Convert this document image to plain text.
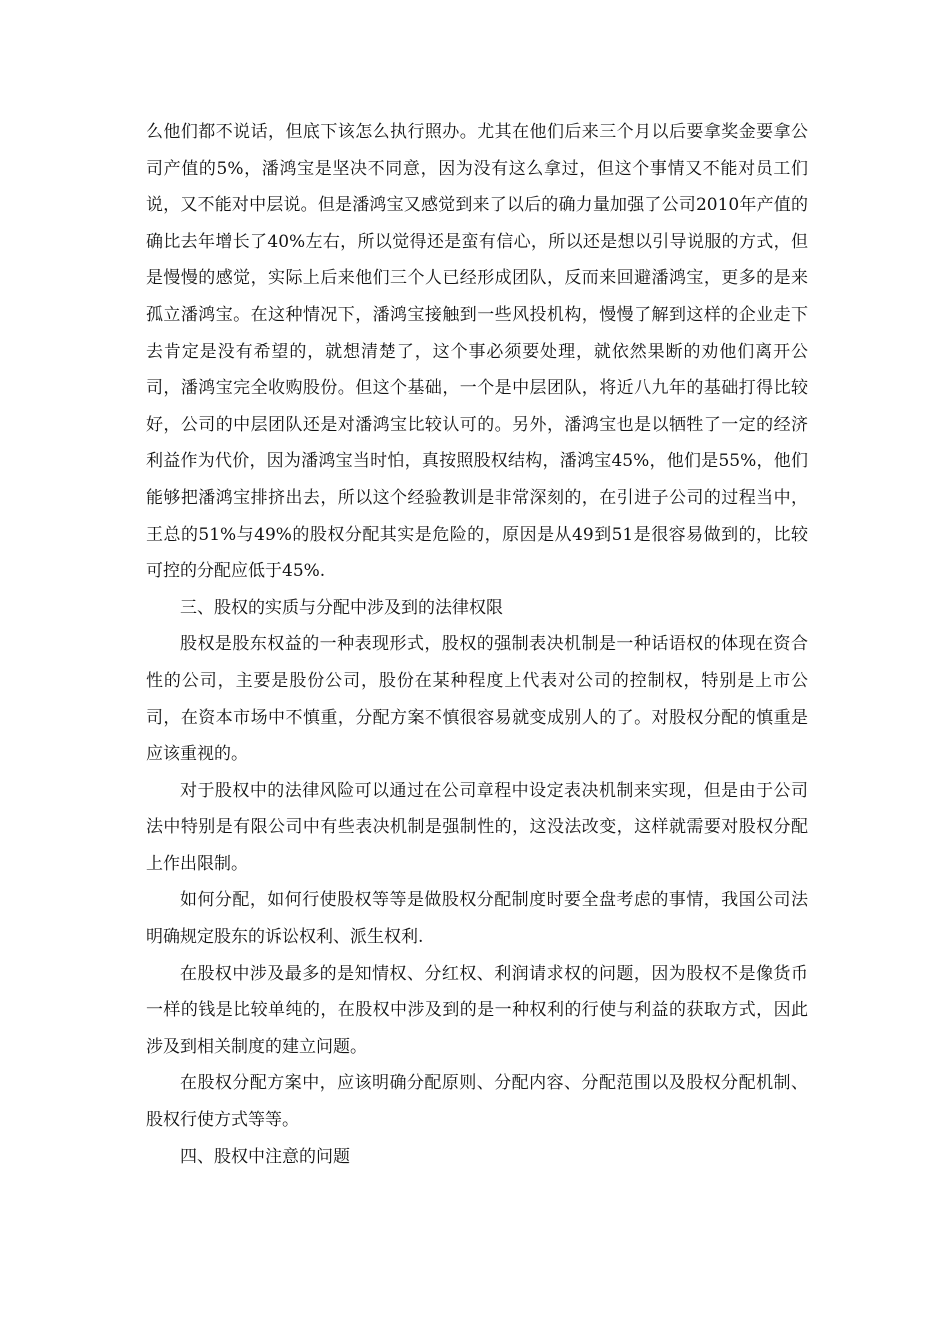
么他们都不说话，但底下该怎么执行照办。尤其在他们后来三个月以后要拿奖金要拿公司产值的5%，潘鸿宝是坚决不同意，因为没有这么拿过，但这个事情又不能对员工们说，又不能对中层说。但是潘鸿宝又感觉到来了以后的确力量加强了公司2010年产值的确比去年增长了40%左右，所以觉得还是蛮有信心，所以还是想以引导说服的方式，但是慢慢的感觉，实际上后来他们三个人已经形成团队，反而来回避潘鸿宝，更多的是来孤立潘鸿宝。在这种情况下，潘鸿宝接触到一些风投机构，慢慢了解到这样的企业走下去肯定是没有希望的，就想清楚了，这个事必须要处理，就依然果断的劝他们离开公司，潘鸿宝完全收购股份。但这个基础，一个是中层团队，将近八九年的基础打得比较好，公司的中层团队还是对潘鸿宝比较认可的。另外，潘鸿宝也是以牺牲了一定的经济利益作为代价，因为潘鸿宝当时怕，真按照股权结构，潘鸿宝45%，他们是55%，他们能够把潘鸿宝排挤出去，所以这个经验教训是非常深刻的，在引进子公司的过程当中，王总的51%与49%的股权分配其实是危险的，原因是从49到51是很容易做到的，比较可控的分配应低于45%.

三、股权的实质与分配中涉及到的法律权限

股权是股东权益的一种表现形式，股权的强制表决机制是一种话语权的体现在资合性的公司，主要是股份公司，股份在某种程度上代表对公司的控制权，特别是上市公司，在资本市场中不慎重，分配方案不慎很容易就变成别人的了。对股权分配的慎重是应该重视的。

对于股权中的法律风险可以通过在公司章程中设定表决机制来实现，但是由于公司法中特别是有限公司中有些表决机制是强制性的，这没法改变，这样就需要对股权分配上作出限制。

如何分配，如何行使股权等等是做股权分配制度时要全盘考虑的事情，我国公司法明确规定股东的诉讼权利、派生权利.

在股权中涉及最多的是知情权、分红权、利润请求权的问题，因为股权不是像货币一样的钱是比较单纯的，在股权中涉及到的是一种权利的行使与利益的获取方式，因此涉及到相关制度的建立问题。

在股权分配方案中，应该明确分配原则、分配内容、分配范围以及股权分配机制、股权行使方式等等。

四、股权中注意的问题
